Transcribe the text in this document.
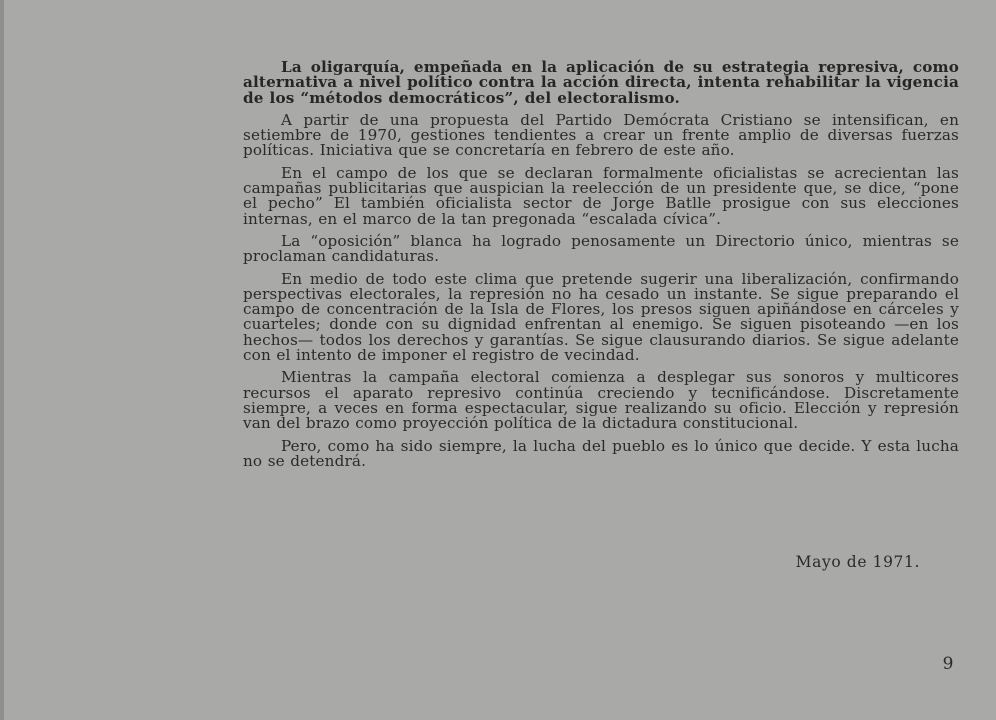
La oligarquía, empeñada en la aplicación de su estrategia represiva, como alternativa a nivel político contra la acción directa, intenta rehabilitar la vigencia de los “métodos democráticos”, del electoralismo.

A partir de una propuesta del Partido Demócrata Cristiano se intensifican, en setiembre de 1970, gestiones tendientes a crear un frente amplio de diversas fuerzas políticas. Iniciativa que se concretaría en febrero de este año.

En el campo de los que se declaran formalmente oficialistas se acrecientan las campañas publicitarias que auspician la reelección de un presidente que, se dice, “pone el pecho” El también oficialista sector de Jorge Batlle prosigue con sus elecciones internas, en el marco de la tan pregonada “escalada cívica”.

La “oposición” blanca ha logrado penosamente un Directorio único, mientras se proclaman candidaturas.

En medio de todo este clima que pretende sugerir una liberalización, confirmando perspectivas electorales, la represión no ha cesado un instante. Se sigue preparando el campo de concentración de la Isla de Flores, los presos siguen apiñándose en cárceles y cuarteles; donde con su dignidad enfrentan al enemigo. Se siguen pisoteando —en los hechos— todos los derechos y garantías. Se sigue clausurando diarios. Se sigue adelante con el intento de imponer el registro de vecindad.

Mientras la campaña electoral comienza a desplegar sus sonoros y multicores recursos el aparato represivo continúa creciendo y tecnificándose. Discretamente siempre, a veces en forma espectacular, sigue realizando su oficio. Elección y represión van del brazo como proyección política de la dictadura constitucional.

Pero, como ha sido siempre, la lucha del pueblo es lo único que decide. Y esta lucha no se detendrá.

Mayo de 1971.
9
